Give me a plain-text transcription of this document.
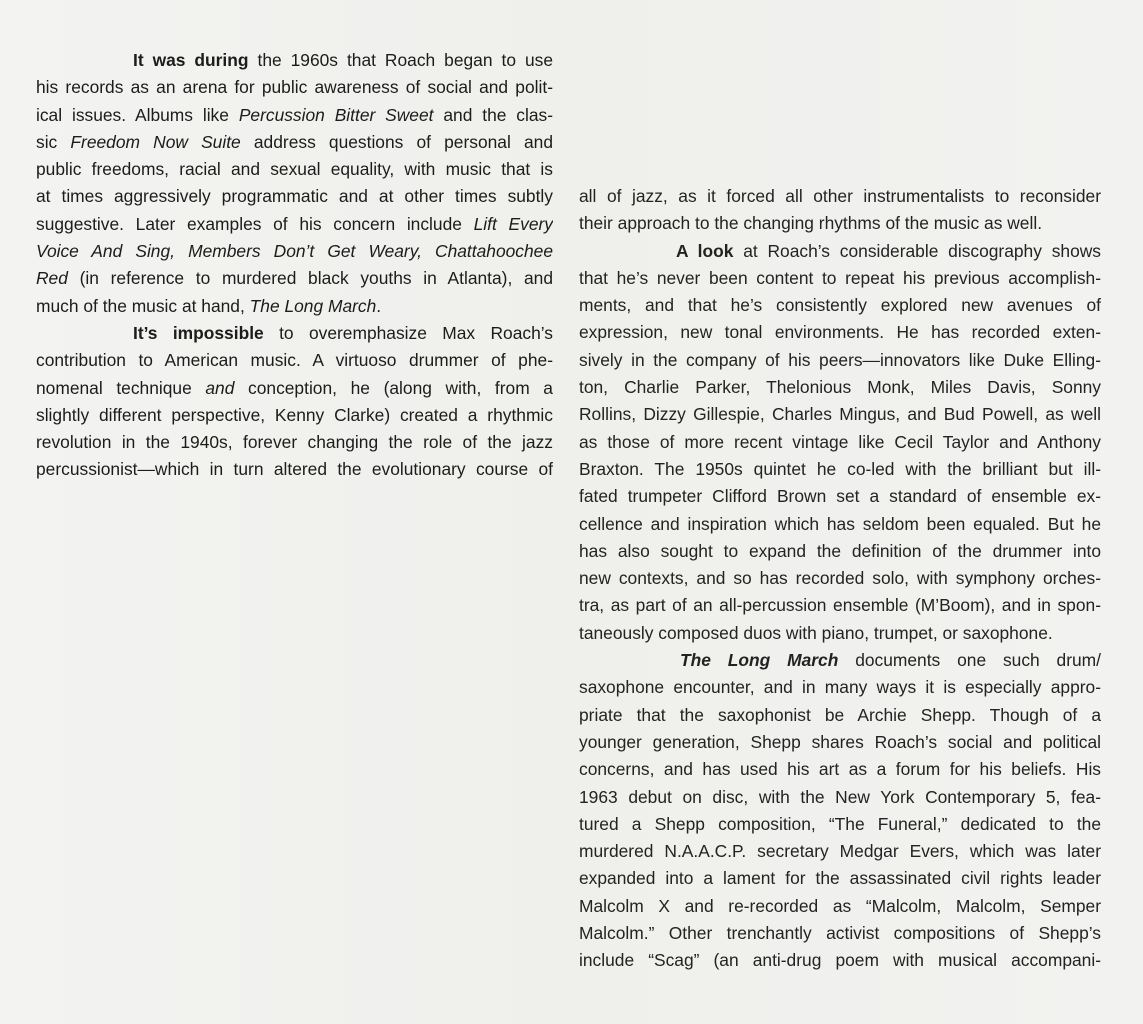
It was during the 1960s that Roach began to use
his records as an arena for public awareness of social and polit-
ical issues. Albums like Percussion Bitter Sweet and the clas-
sic Freedom Now Suite address questions of personal and
public freedoms, racial and sexual equality, with music that is
at times aggressively programmatic and at other times subtly
suggestive. Later examples of his concern include Lift Every
Voice And Sing, Members Don’t Get Weary, Chattahoochee
Red (in reference to murdered black youths in Atlanta), and
much of the music at hand, The Long March.
It’s impossible to overemphasize Max Roach’s
contribution to American music. A virtuoso drummer of phe-
nomenal technique and conception, he (along with, from a
slightly different perspective, Kenny Clarke) created a rhythmic
revolution in the 1940s, forever changing the role of the jazz
percussionist—which in turn altered the evolutionary course of
all of jazz, as it forced all other instrumentalists to reconsider
their approach to the changing rhythms of the music as well.
A look at Roach’s considerable discography shows
that he’s never been content to repeat his previous accomplish-
ments, and that he’s consistently explored new avenues of
expression, new tonal environments. He has recorded exten-
sively in the company of his peers—innovators like Duke Elling-
ton, Charlie Parker, Thelonious Monk, Miles Davis, Sonny
Rollins, Dizzy Gillespie, Charles Mingus, and Bud Powell, as well
as those of more recent vintage like Cecil Taylor and Anthony
Braxton. The 1950s quintet he co-led with the brilliant but ill-
fated trumpeter Clifford Brown set a standard of ensemble ex-
cellence and inspiration which has seldom been equaled. But he
has also sought to expand the definition of the drummer into
new contexts, and so has recorded solo, with symphony orches-
tra, as part of an all-percussion ensemble (M’Boom), and in spon-
taneously composed duos with piano, trumpet, or saxophone.
The Long March documents one such drum/
saxophone encounter, and in many ways it is especially appro-
priate that the saxophonist be Archie Shepp. Though of a
younger generation, Shepp shares Roach’s social and political
concerns, and has used his art as a forum for his beliefs. His
1963 debut on disc, with the New York Contemporary 5, fea-
tured a Shepp composition, “The Funeral,” dedicated to the
murdered N.A.A.C.P. secretary Medgar Evers, which was later
expanded into a lament for the assassinated civil rights leader
Malcolm X and re-recorded as “Malcolm, Malcolm, Semper
Malcolm.” Other trenchantly activist compositions of Shepp’s
include “Scag” (an anti-drug poem with musical accompani-
